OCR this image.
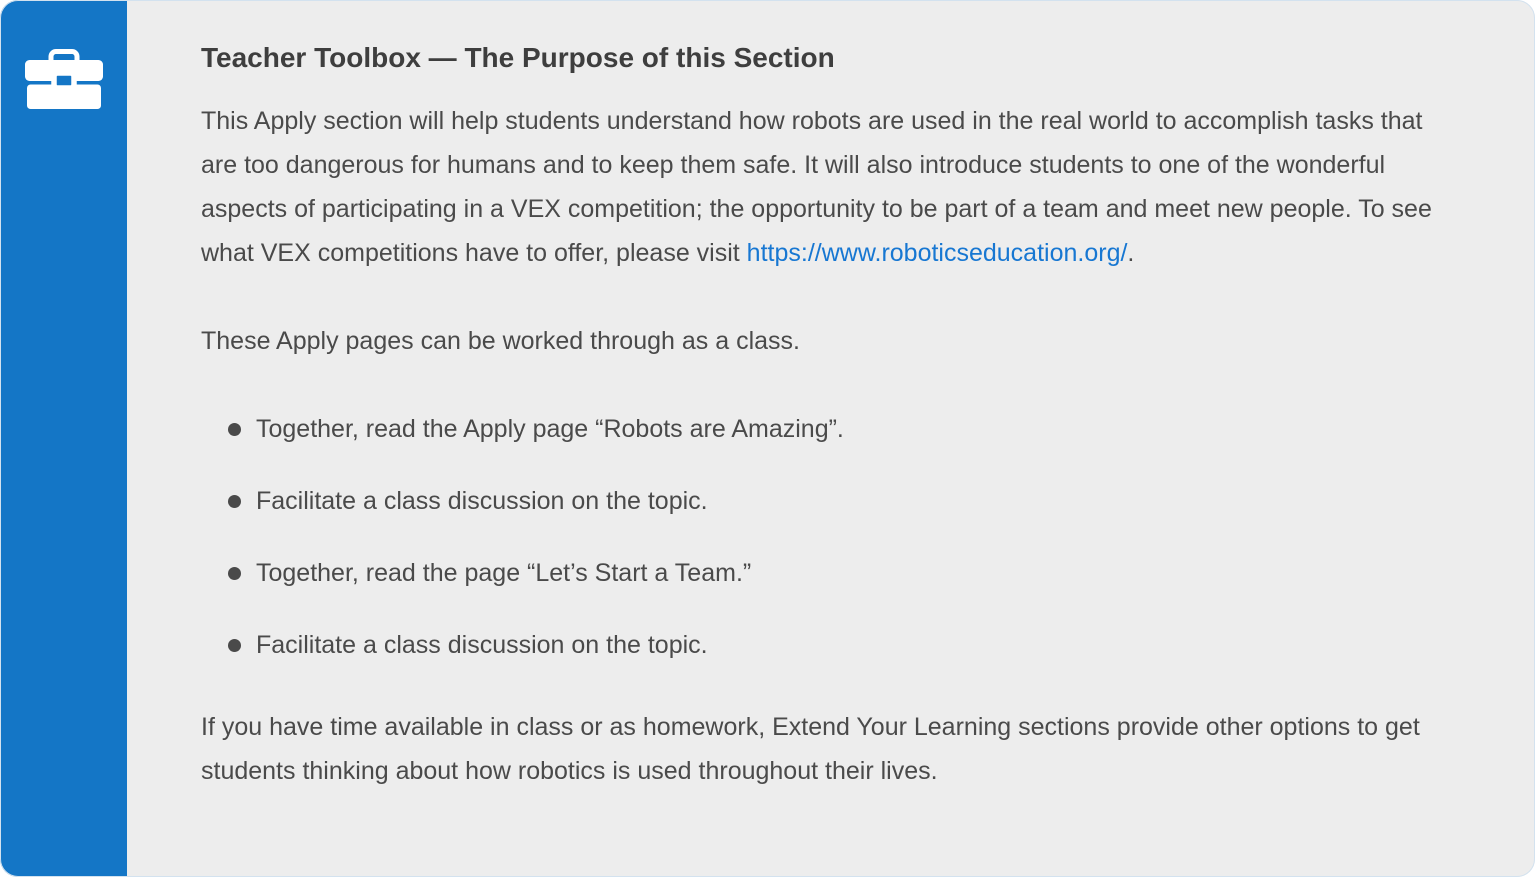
Teacher Toolbox — The Purpose of this Section

This Apply section will help students understand how robots are used in the real world to accomplish tasks that are too dangerous for humans and to keep them safe. It will also introduce students to one of the wonderful aspects of participating in a VEX competition; the opportunity to be part of a team and meet new people. To see what VEX competitions have to offer, please visit https://www.roboticseducation.org/.

These Apply pages can be worked through as a class.

Together, read the Apply page “Robots are Amazing”.
Facilitate a class discussion on the topic.
Together, read the page “Let’s Start a Team.”
Facilitate a class discussion on the topic.

If you have time available in class or as homework, Extend Your Learning sections provide other options to get students thinking about how robotics is used throughout their lives.
